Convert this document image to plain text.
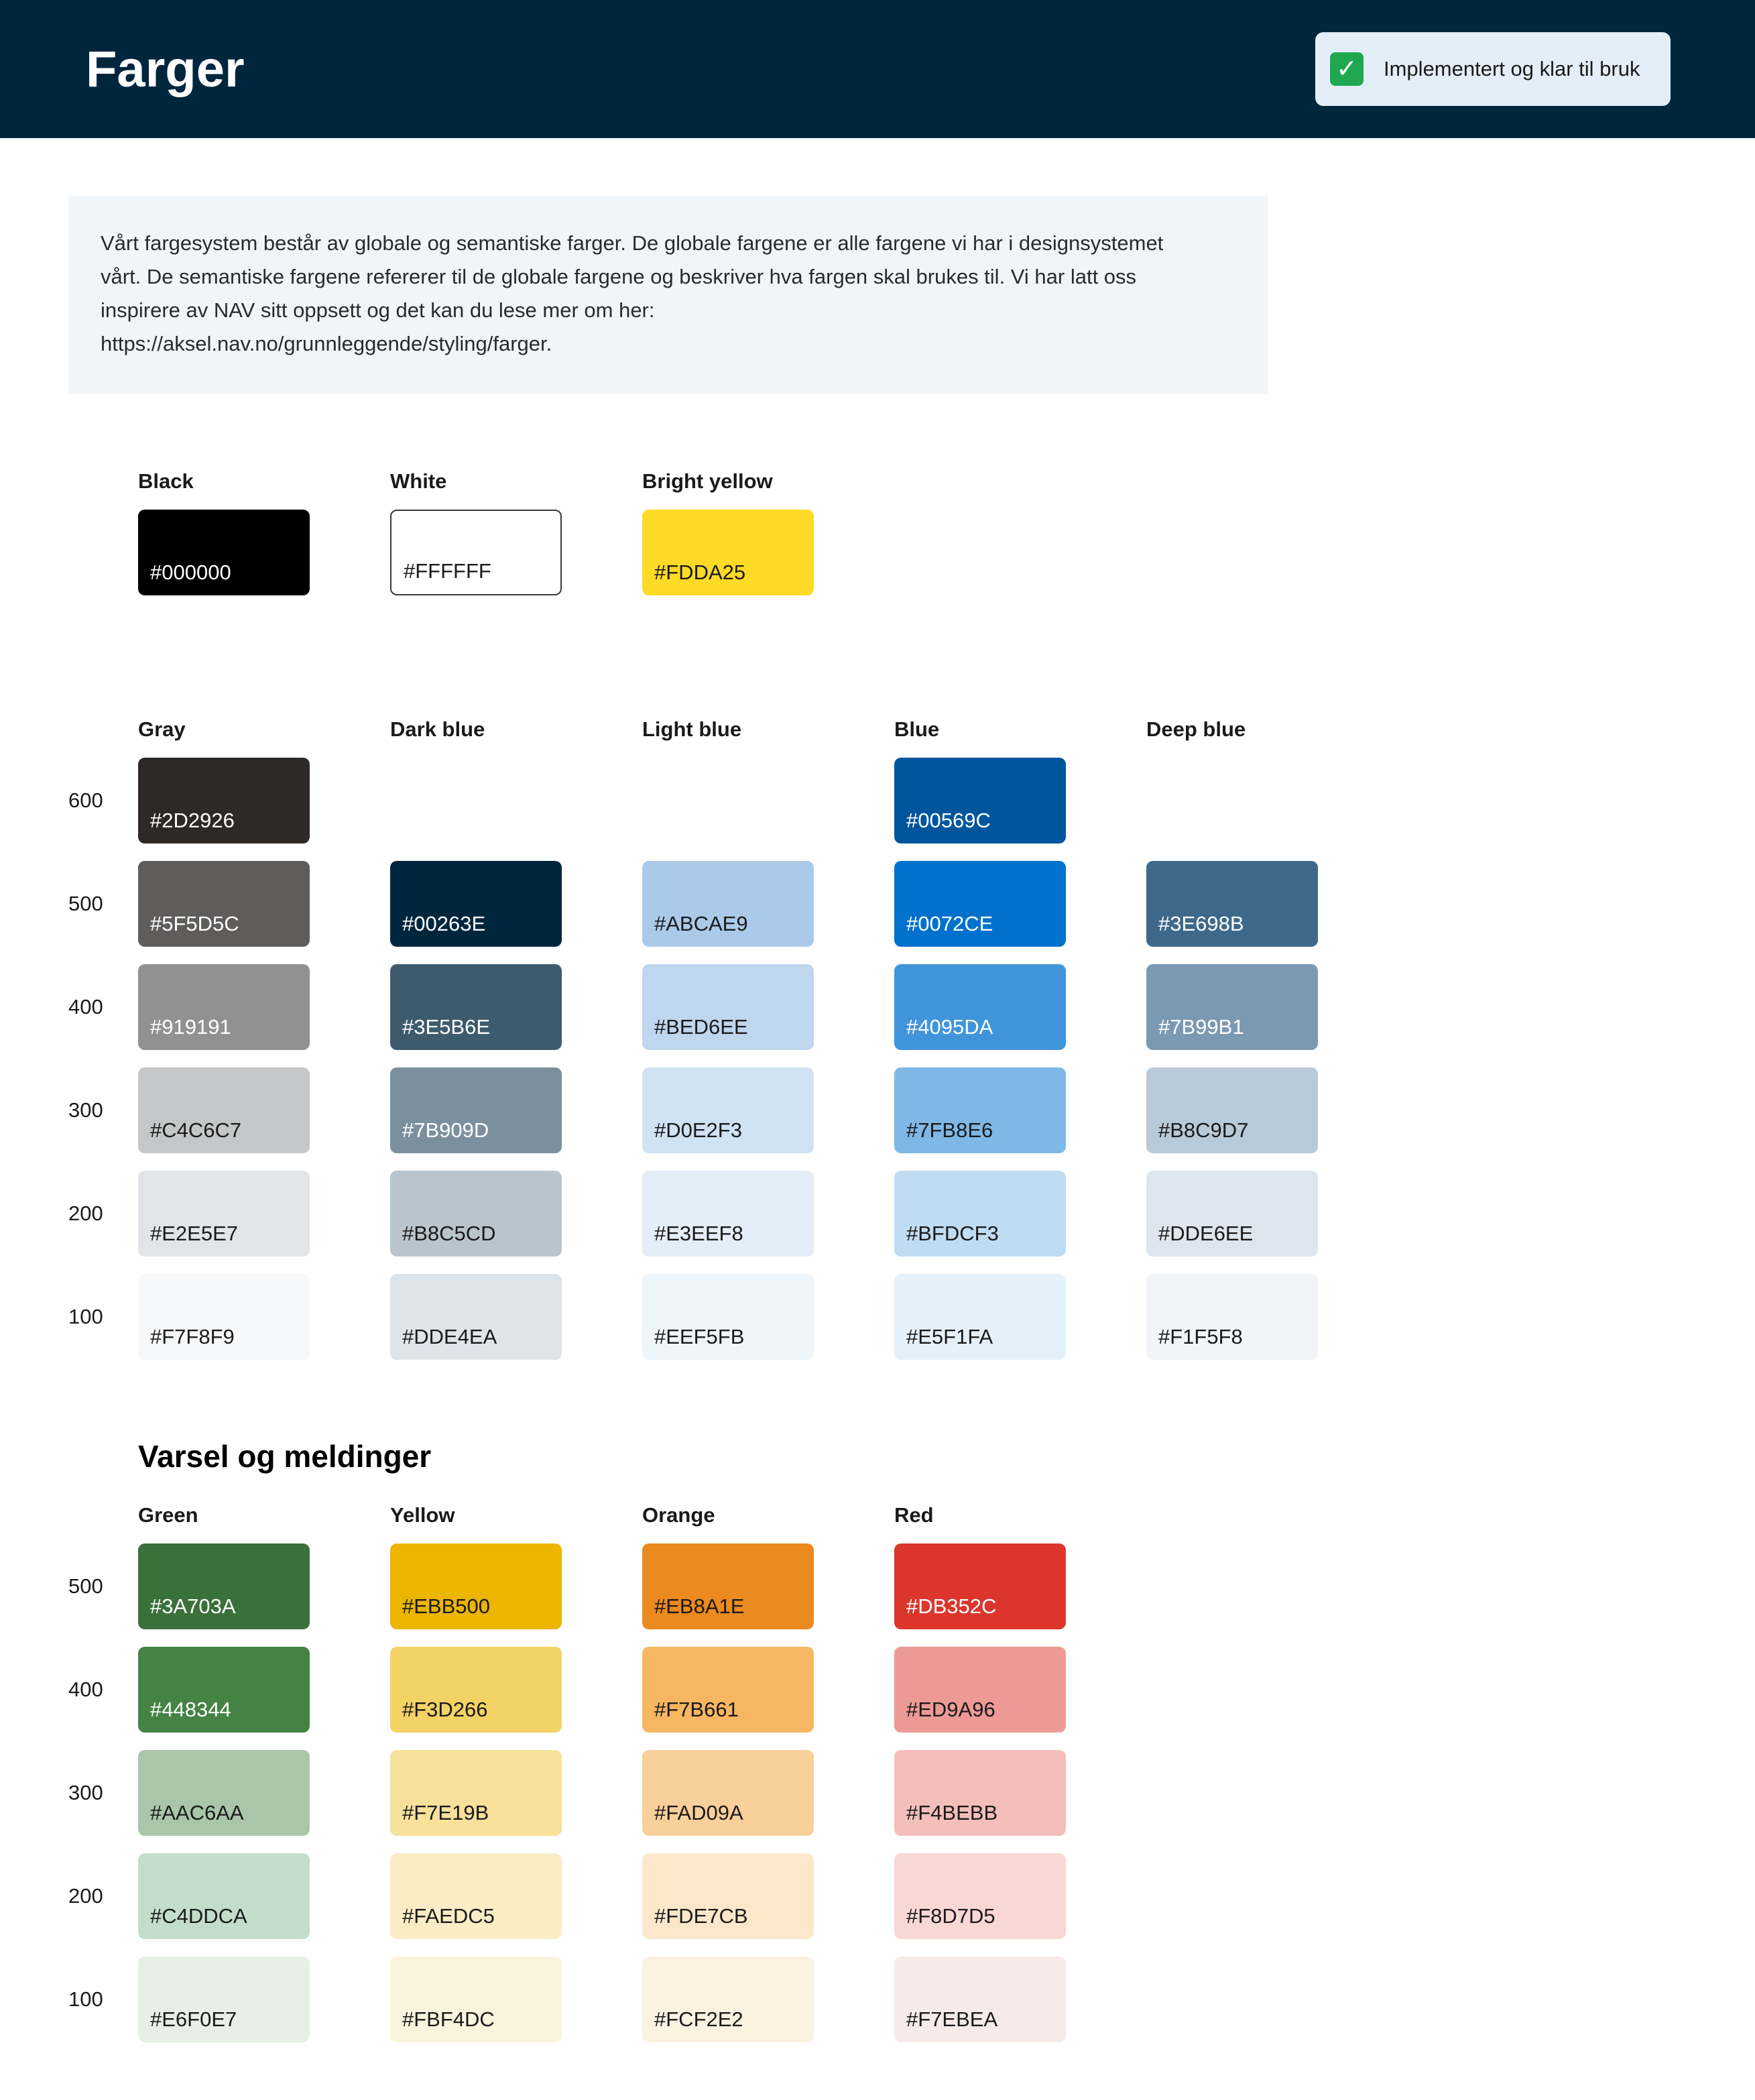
Farger	✓ Implementert og klar til bruk

Vårt fargesystem består av globale og semantiske farger. De globale fargene er alle fargene vi har i designsystemet
vårt. De semantiske fargene refererer til de globale fargene og beskriver hva fargen skal brukes til. Vi har latt oss
inspirere av NAV sitt oppsett og det kan du lese mer om her:
https://aksel.nav.no/grunnleggende/styling/farger.

Black
#000000
White
#FFFFFF
Bright yellow
#FDDA25
600
500
400
300
200
100
Gray
#2D2926
#5F5D5C
#919191
#C4C6C7
#E2E5E7
#F7F8F9
Dark blue
#00263E
#3E5B6E
#7B909D
#B8C5CD
#DDE4EA
Light blue
#ABCAE9
#BED6EE
#D0E2F3
#E3EEF8
#EEF5FB
Blue
#00569C
#0072CE
#4095DA
#7FB8E6
#BFDCF3
#E5F1FA
Deep blue
#3E698B
#7B99B1
#B8C9D7
#DDE6EE
#F1F5F8
Varsel og meldinger
500
400
300
200
100
Green
#3A703A
#448344
#AAC6AA
#C4DDCA
#E6F0E7
Yellow
#EBB500
#F3D266
#F7E19B
#FAEDC5
#FBF4DC
Orange
#EB8A1E
#F7B661
#FAD09A
#FDE7CB
#FCF2E2
Red
#DB352C
#ED9A96
#F4BEBB
#F8D7D5
#F7EBEA
